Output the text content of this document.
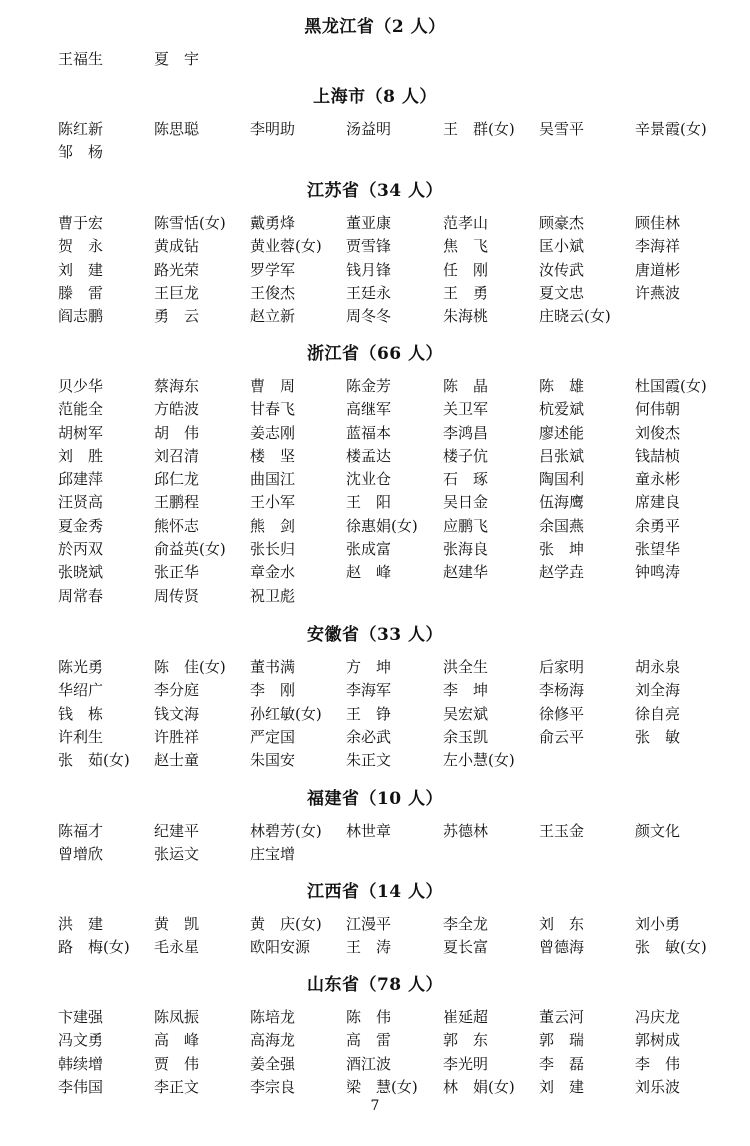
黑龙江省（2 人）
王福生	夏　宇
上海市（8 人）
陈红新	陈思聪	李明助	汤益明	王　群(女) 吴雪平	辛景霞(女)
邹　杨
江苏省（34 人）
曹于宏	陈雪恬(女) 戴勇烽	董亚康	范孝山	顾豪杰	顾佳林
贺　永	黄成钻	黄业蓉(女) 贾雪锋	焦　飞	匡小斌	李海祥
刘　建	路光荣	罗学军	钱月锋	任　刚	汝传武	唐道彬
滕　雷	王巨龙	王俊杰	王廷永	王　勇	夏文忠	许燕波
阎志鹏	勇　云	赵立新	周冬冬	朱海桃	庄晓云(女)
浙江省（66 人）
贝少华	蔡海东	曹　周	陈金芳	陈　晶	陈　雄	杜国霞(女)
范能全	方皓波	甘春飞	高继军	关卫军	杭爱斌	何伟朝
胡树军	胡　伟	姜志刚	蓝福本	李鸿昌	廖述能	刘俊杰
刘　胜	刘召清	楼　坚	楼孟达	楼子伉	吕张斌	钱喆桢
邱建萍	邱仁龙	曲国江	沈业仓	石　琢	陶国利	童永彬
汪贤高	王鹏程	王小军	王　阳	吴日金	伍海鹰	席建良
夏金秀	熊怀志	熊　剑	徐惠娟(女) 应鹏飞	余国燕	余勇平
於丙双	俞益英(女) 张长归	张成富	张海良	张　坤	张望华
张晓斌	张正华	章金水	赵　峰	赵建华	赵学垚	钟鸣涛
周常春	周传贤	祝卫彪
安徽省（33 人）
陈光勇	陈　佳(女) 董书满	方　坤	洪全生	后家明	胡永泉
华绍广	李分庭	李　刚	李海军	李　坤	李杨海	刘全海
钱　栋	钱文海	孙红敏(女) 王　铮	吴宏斌	徐修平	徐自亮
许利生	许胜祥	严定国	余必武	余玉凯	俞云平	张　敏
张　茹(女) 赵士童	朱国安	朱正文	左小慧(女)
福建省（10 人）
陈福才	纪建平	林碧芳(女) 林世章	苏德林	王玉金	颜文化
曾增欣	张运文	庄宝增
江西省（14 人）
洪　建	黄　凯	黄　庆(女) 江漫平	李全龙	刘　东	刘小勇
路　梅(女) 毛永星	欧阳安源 王　涛	夏长富	曾德海	张　敏(女)
山东省（78 人）
卞建强	陈凤振	陈培龙	陈　伟	崔延超	董云河	冯庆龙
冯文勇	高　峰	高海龙	高　雷	郭　东	郭　瑞	郭树成
韩续增	贾　伟	姜全强	酒江波	李光明	李　磊	李　伟
李伟国	李正文	李宗良	梁　慧(女) 林　娟(女) 刘　建	刘乐波
7
